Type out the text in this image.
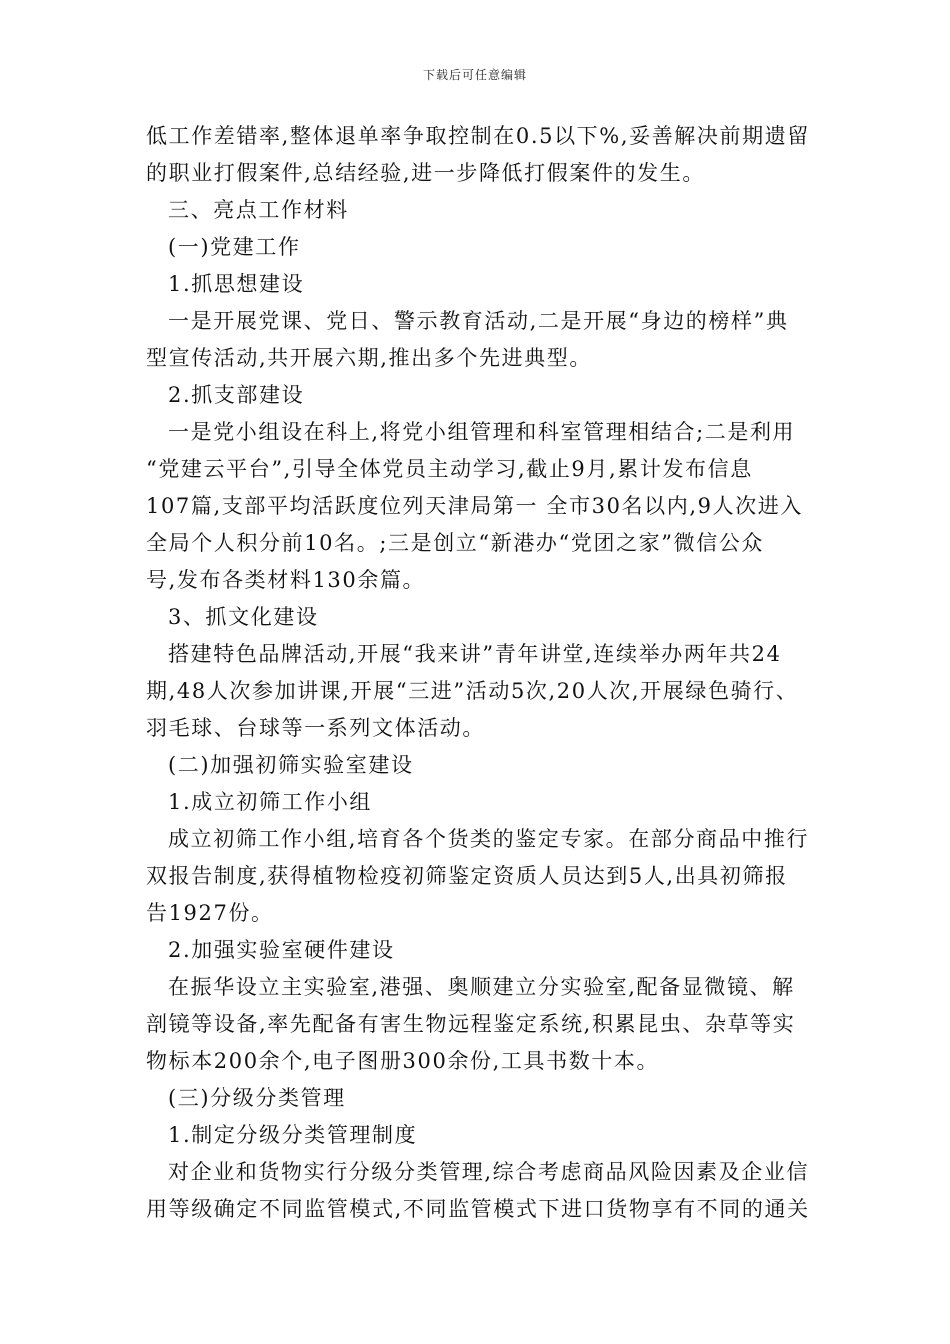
下载后可任意编辑
低工作差错率,整体退单率争取控制在0.5以下%,妥善解决前期遗留
的职业打假案件,总结经验,进一步降低打假案件的发生。
三、亮点工作材料
(一)党建工作
1.抓思想建设
一是开展党课、党日、警示教育活动,二是开展“身边的榜样”典
型宣传活动,共开展六期,推出多个先进典型。
2.抓支部建设
一是党小组设在科上,将党小组管理和科室管理相结合;二是利用
“党建云平台”,引导全体党员主动学习,截止9月,累计发布信息
107篇,支部平均活跃度位列天津局第一 全市30名以内,9人次进入
全局个人积分前10名。;三是创立“新港办“党团之家”微信公众
号,发布各类材料130余篇。
3、抓文化建设
搭建特色品牌活动,开展“我来讲”青年讲堂,连续举办两年共24
期,48人次参加讲课,开展“三进”活动5次,20人次,开展绿色骑行、
羽毛球、台球等一系列文体活动。
(二)加强初筛实验室建设
1.成立初筛工作小组
成立初筛工作小组,培育各个货类的鉴定专家。在部分商品中推行
双报告制度,获得植物检疫初筛鉴定资质人员达到5人,出具初筛报
告1927份。
2.加强实验室硬件建设
在振华设立主实验室,港强、奥顺建立分实验室,配备显微镜、解
剖镜等设备,率先配备有害生物远程鉴定系统,积累昆虫、杂草等实
物标本200余个,电子图册300余份,工具书数十本。
(三)分级分类管理
1.制定分级分类管理制度
对企业和货物实行分级分类管理,综合考虑商品风险因素及企业信
用等级确定不同监管模式,不同监管模式下进口货物享有不同的通关
